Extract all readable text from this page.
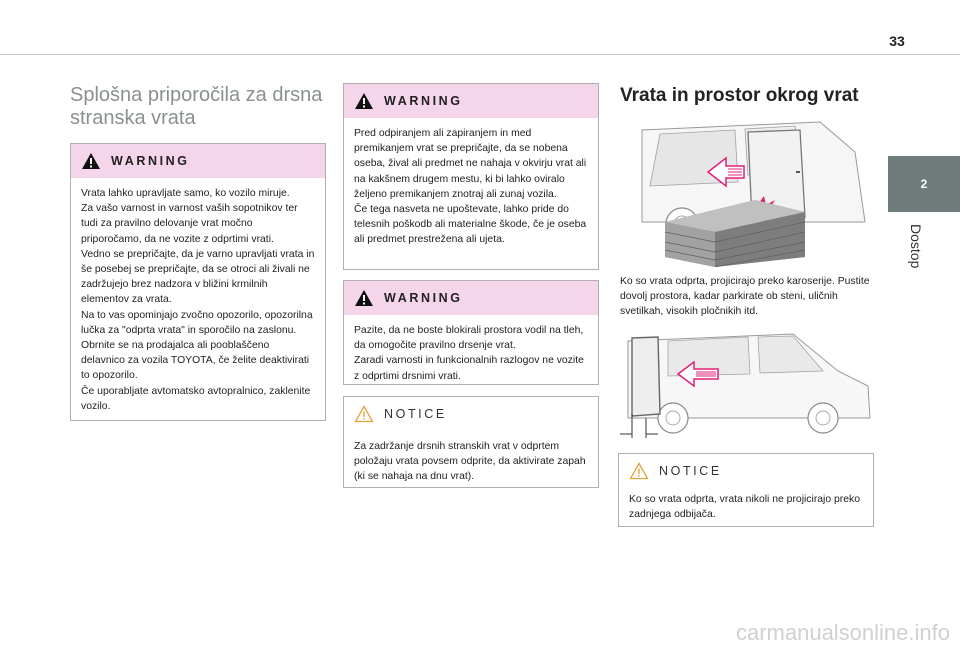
33
2
Dostop
Splošna priporočila za drsna stranska vrata
WARNING
Vrata lahko upravljate samo, ko vozilo miruje.
Za vašo varnost in varnost vaših sopotnikov ter tudi za pravilno delovanje vrat močno priporočamo, da ne vozite z odprtimi vrati.
Vedno se prepričajte, da je varno upravljati vrata in še posebej se prepričajte, da se otroci ali živali ne zadržujejo brez nadzora v bližini krmilnih elementov za vrata.
Na to vas opominjajo zvočno opozorilo, opozorilna lučka za "odprta vrata" in sporočilo na zaslonu. Obrnite se na prodajalca ali pooblaščeno delavnico za vozila TOYOTA, če želite deaktivirati to opozorilo.
Če uporabljate avtomatsko avtopralnico, zaklenite vozilo.
WARNING
Pred odpiranjem ali zapiranjem in med premikanjem vrat se prepričajte, da se nobena oseba, žival ali predmet ne nahaja v okvirju vrat ali na kakšnem drugem mestu, ki bi lahko oviralo željeno premikanjem znotraj ali zunaj vozila.
Če tega nasveta ne upoštevate, lahko pride do telesnih poškodb ali materialne škode, če je oseba ali predmet prestrežena ali ujeta.
WARNING
Pazite, da ne boste blokirali prostora vodil na tleh, da omogočite pravilno drsenje vrat.
Zaradi varnosti in funkcionalnih razlogov ne vozite z odprtimi drsnimi vrati.
NOTICE
Za zadržanje drsnih stranskih vrat v odprtem položaju vrata povsem odprite, da aktivirate zapah (ki se nahaja na dnu vrat).
Vrata in prostor okrog vrat
Ko so vrata odprta, projicirajo preko karoserije. Pustite dovolj prostora, kadar parkirate ob steni, uličnih svetilkah, visokih pločnikih itd.
NOTICE
Ko so vrata odprta, vrata nikoli ne projicirajo preko zadnjega odbijača.
carmanualsonline.info
